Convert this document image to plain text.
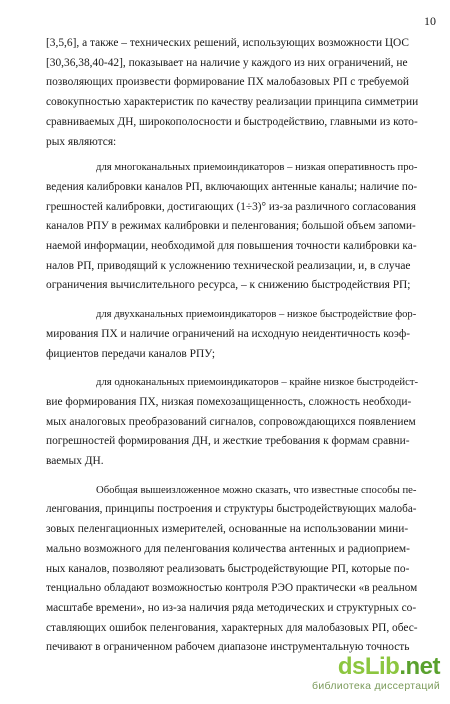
10

[3,5,6], а также – технических решений, использующих возможности ЦОС
[30,36,38,40-42], показывает на наличие у каждого из них ограничений, не
позволяющих произвести формирование ПХ малобазовых РП с требуемой
совокупностью характеристик по качеству реализации принципа симметрии
сравниваемых ДН, широкополосности и быстродействию, главными из кото-
рых являются:

для многоканальных приемоиндикаторов – низкая оперативность про-
ведения калибровки каналов РП, включающих антенные каналы; наличие по-
грешностей калибровки, достигающих (1÷3)° из-за различного согласования
каналов РПУ в режимах калибровки и пеленгования; большой объем запоми-
наемой информации, необходимой для повышения точности калибровки ка-
налов РП, приводящий к усложнению технической реализации, и, в случае
ограничения вычислительного ресурса, – к снижению быстродействия РП;

для двухканальных приемоиндикаторов – низкое быстродействие фор-
мирования ПХ и наличие ограничений на исходную неидентичность коэф-
фициентов передачи каналов РПУ;

для одноканальных приемоиндикаторов – крайне низкое быстродейст-
вие формирования ПХ, низкая помехозащищенность, сложность необходи-
мых аналоговых преобразований сигналов, сопровождающихся появлением
погрешностей формирования ДН, и жесткие требования к формам сравни-
ваемых ДН.

Обобщая вышеизложенное можно сказать, что известные способы пе-
ленгования, принципы построения и структуры быстродействующих малоба-
зовых пеленгационных измерителей, основанные на использовании мини-
мально возможного для пеленгования количества антенных и радиоприем-
ных каналов, позволяют реализовать быстродействующие РП, которые по-
тенциально обладают возможностью контроля РЭО практически «в реальном
масштабе времени», но из-за наличия ряда методических и структурных со-
ставляющих ошибок пеленгования, характерных для малобазовых РП, обес-
печивают в ограниченном рабочем диапазоне инструментальную точность

dsLib.net
библиотека диссертаций
